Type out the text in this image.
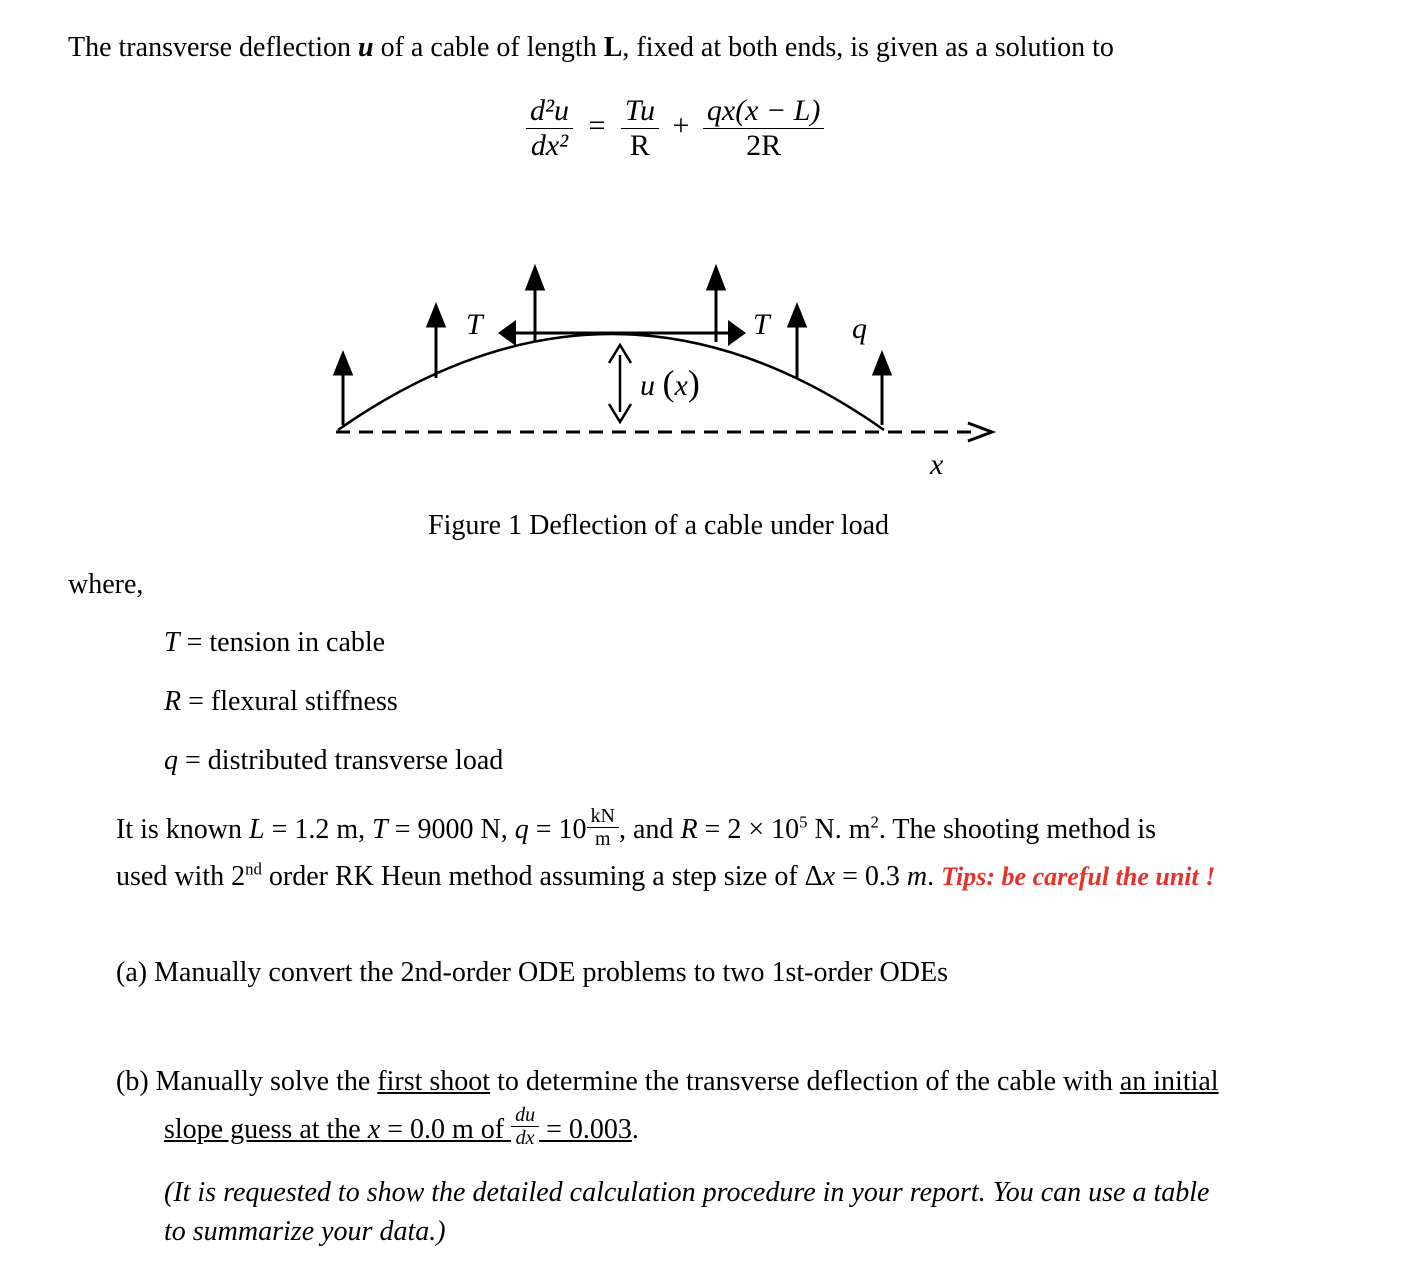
The transverse deflection u of a cable of length L, fixed at both ends, is given as a solution to
$\frac{\text{d²u}}{\text{dx²}} = \frac{Tu}{R} + \frac{qx(x - L)}{2R}$
T	T	q
u (x)
x
Figure 1 Deflection of a cable under load
where,
T = tension in cable
R = flexural stiffness
q = distributed transverse load
It is known L = 1.2 m, T = 9000 N, $q = 10 \frac{kN}{m}$ , and $R = 2 \times 10^5$ N. $m^2$. The shooting method is
used with 2nd order RK Heun method assuming a step size of Δx = 0.3 m. Tips: be careful the unit !
(a) Manually convert the 2nd-order ODE problems to two 1st-order ODEs
(b) Manually solve the first shoot to determine the transverse deflection of the cable with an initial
slope guess at the x = 0.0 m of $\frac{du}{dx} = 0.003$.
(It is requested to show the detailed calculation procedure in your report. You can use a table
to summarize your data.)
